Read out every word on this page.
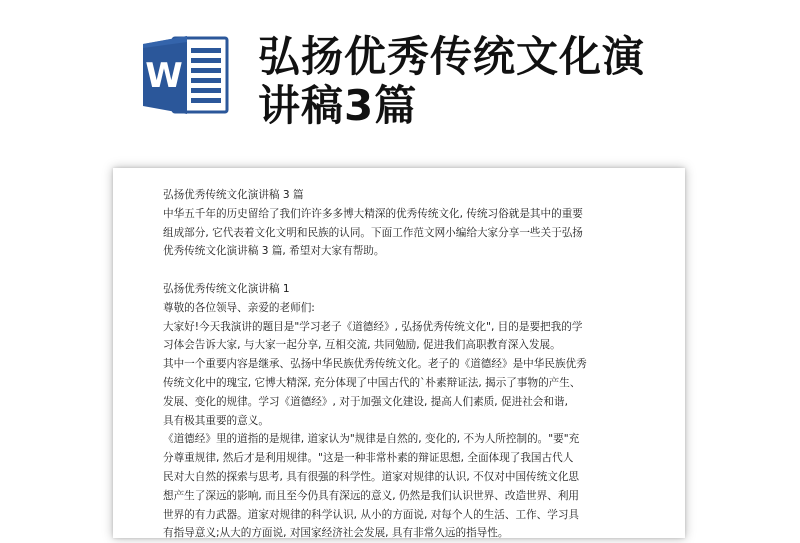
W 弘扬优秀传统文化演
讲稿3篇
弘扬优秀传统文化演讲稿 3 篇
中华五千年的历史留给了我们许许多多博大精深的优秀传统文化, 传统习俗就是其中的重要
组成部分, 它代表着文化文明和民族的认同。下面工作范文网小编给大家分享一些关于弘扬
优秀传统文化演讲稿 3 篇, 希望对大家有帮助。
弘扬优秀传统文化演讲稿 1
尊敬的各位领导、亲爱的老师们:
大家好!今天我演讲的题目是"学习老子《道德经》, 弘扬优秀传统文化", 目的是要把我的学
习体会告诉大家, 与大家一起分享, 互相交流, 共同勉励, 促进我们高职教育深入发展。
其中一个重要内容是继承、弘扬中华民族优秀传统文化。老子的《道德经》是中华民族优秀
传统文化中的瑰宝, 它博大精深, 充分体现了中国古代的`朴素辩证法, 揭示了事物的产生、
发展、变化的规律。学习《道德经》, 对于加强文化建设, 提高人们素质, 促进社会和谐,
具有极其重要的意义。
《道德经》里的道指的是规律, 道家认为"规律是自然的, 变化的, 不为人所控制的。"要"充
分尊重规律, 然后才是利用规律。"这是一种非常朴素的辩证思想, 全面体现了我国古代人
民对大自然的探索与思考, 具有很强的科学性。道家对规律的认识, 不仅对中国传统文化思
想产生了深远的影响, 而且至今仍具有深远的意义, 仍然是我们认识世界、改造世界、利用
世界的有力武器。道家对规律的科学认识, 从小的方面说, 对每个人的生活、工作、学习具
有指导意义;从大的方面说, 对国家经济社会发展, 具有非常久远的指导性。
